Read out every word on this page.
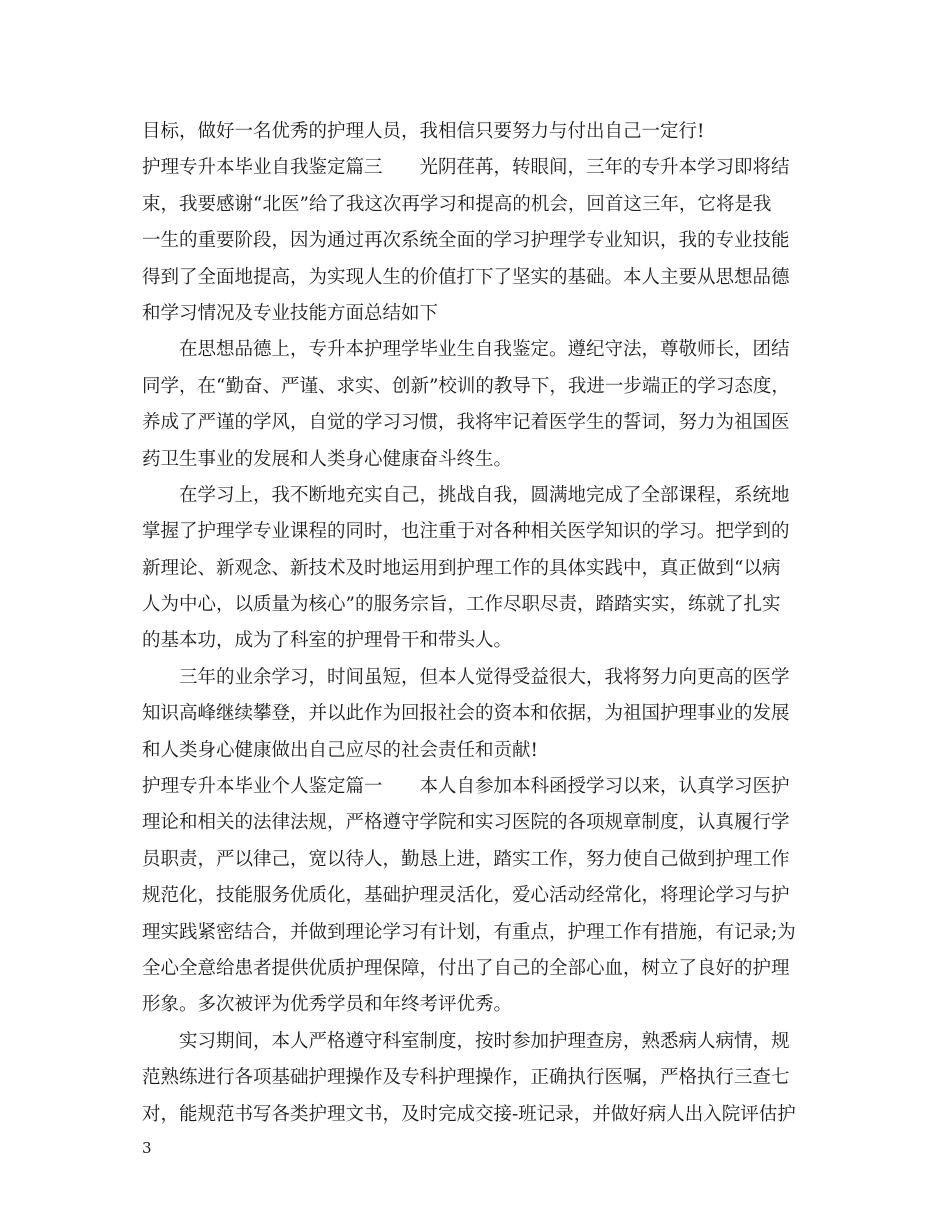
目标，做好一名优秀的护理人员，我相信只要努力与付出自己一定行!
护理专升本毕业自我鉴定篇三　　光阴荏苒，转眼间，三年的专升本学习即将结
束，我要感谢“北医”给了我这次再学习和提高的机会，回首这三年，它将是我
一生的重要阶段，因为通过再次系统全面的学习护理学专业知识，我的专业技能
得到了全面地提高，为实现人生的价值打下了坚实的基础。本人主要从思想品德
和学习情况及专业技能方面总结如下
　　在思想品德上，专升本护理学毕业生自我鉴定。遵纪守法，尊敬师长，团结
同学，在“勤奋、严谨、求实、创新”校训的教导下，我进一步端正的学习态度，
养成了严谨的学风，自觉的学习习惯，我将牢记着医学生的誓词，努力为祖国医
药卫生事业的发展和人类身心健康奋斗终生。
　　在学习上，我不断地充实自己，挑战自我，圆满地完成了全部课程，系统地
掌握了护理学专业课程的同时，也注重于对各种相关医学知识的学习。把学到的
新理论、新观念、新技术及时地运用到护理工作的具体实践中，真正做到“以病
人为中心，以质量为核心”的服务宗旨，工作尽职尽责，踏踏实实，练就了扎实
的基本功，成为了科室的护理骨干和带头人。
　　三年的业余学习，时间虽短，但本人觉得受益很大，我将努力向更高的医学
知识高峰继续攀登，并以此作为回报社会的资本和依据，为祖国护理事业的发展
和人类身心健康做出自己应尽的社会责任和贡献!
护理专升本毕业个人鉴定篇一　　本人自参加本科函授学习以来，认真学习医护
理论和相关的法律法规，严格遵守学院和实习医院的各项规章制度，认真履行学
员职责，严以律己，宽以待人，勤恳上进，踏实工作，努力使自己做到护理工作
规范化，技能服务优质化，基础护理灵活化，爱心活动经常化，将理论学习与护
理实践紧密结合，并做到理论学习有计划，有重点，护理工作有措施，有记录;为
全心全意给患者提供优质护理保障，付出了自己的全部心血，树立了良好的护理
形象。多次被评为优秀学员和年终考评优秀。
　　实习期间，本人严格遵守科室制度，按时参加护理查房，熟悉病人病情，规
范熟练进行各项基础护理操作及专科护理操作，正确执行医嘱，严格执行三查七
对，能规范书写各类护理文书，及时完成交接-班记录，并做好病人出入院评估护
3
